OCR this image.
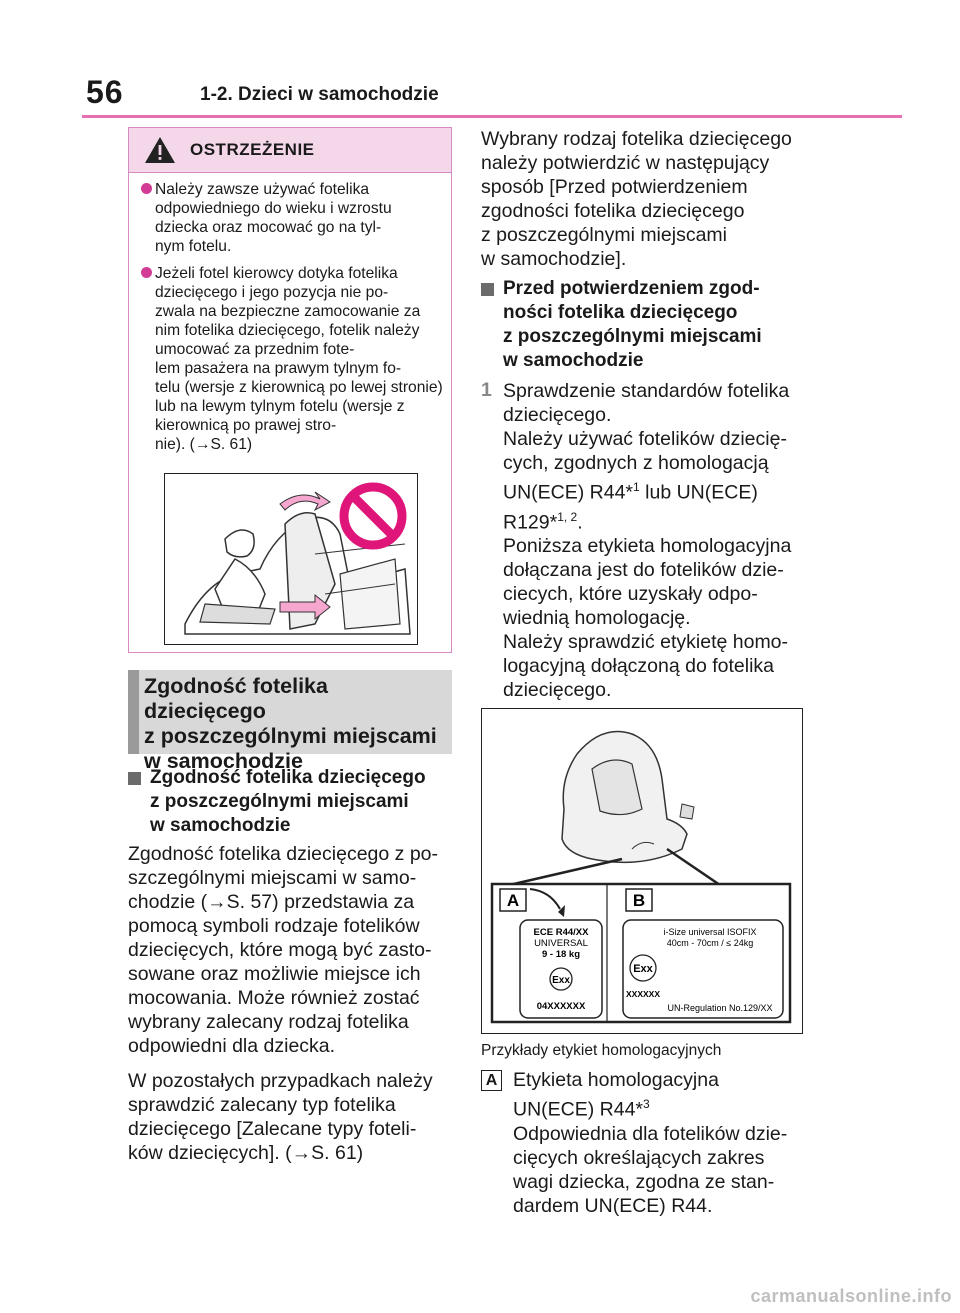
56	1-2. Dzieci w samochodzie
OSTRZEŻENIE
Należy zawsze używać fotelika odpowiedniego do wieku i wzrostu dziecka oraz mocować go na tyl-
nym fotelu.
Jeżeli fotel kierowcy dotyka fotelika dziecięcego i jego pozycja nie po-
zwala na bezpieczne zamocowanie za nim fotelika dziecięcego, fotelik należy umocować za przednim fote-
lem pasażera na prawym tylnym fo-
telu (wersje z kierownicą po lewej stronie) lub na lewym tylnym fotelu (wersje z kierownicą po prawej stro-
nie). (→S. 61)
Zgodność fotelika dziecięcego
z poszczególnymi miejscami
w samochodzie
Zgodność fotelika dziecięcego
z poszczególnymi miejscami
w samochodzie
Zgodność fotelika dziecięcego z po-
szczególnymi miejscami w samo-
chodzie (→S. 57) przedstawia za
pomocą symboli rodzaje fotelików
dziecięcych, które mogą być zasto-
sowane oraz możliwie miejsce ich
mocowania. Może również zostać
wybrany zalecany rodzaj fotelika
odpowiedni dla dziecka.
W pozostałych przypadkach należy
sprawdzić zalecany typ fotelika
dziecięcego [Zalecane typy foteli-
ków dziecięcych]. (→S. 61)
Wybrany rodzaj fotelika dziecięcego
należy potwierdzić w następujący
sposób [Przed potwierdzeniem
zgodności fotelika dziecięcego
z poszczególnymi miejscami
w samochodzie].
Przed potwierdzeniem zgod-
ności fotelika dziecięcego
z poszczególnymi miejscami
w samochodzie
1 Sprawdzenie standardów fotelika
dziecięcego.
Należy używać fotelików dziecię-
cych, zgodnych z homologacją
UN(ECE) R44*$^1$ lub UN(ECE)
R129*$^{1, 2}$.
Poniższa etykieta homologacyjna
dołączana jest do fotelików dzie-
ciecych, które uzyskały odpo-
wiednią homologację.
Należy sprawdzić etykietę homo-
logacyjną dołączoną do fotelika
dziecięcego.
A	B
ECE R44/XX
UNIVERSAL
9 - 18 kg
Exx
04XXXXXX
i-Size universal ISOFIX
40cm - 70cm / ≤ 24kg
Exx
XXXXXX
UN-Regulation No.129/XX
Przykłady etykiet homologacyjnych
A Etykieta homologacyjna
UN(ECE) R44*$^3$
Odpowiednia dla fotelików dzie-
cięcych określających zakres
wagi dziecka, zgodna ze stan-
dardem UN(ECE) R44.
carmanualsonline.info
